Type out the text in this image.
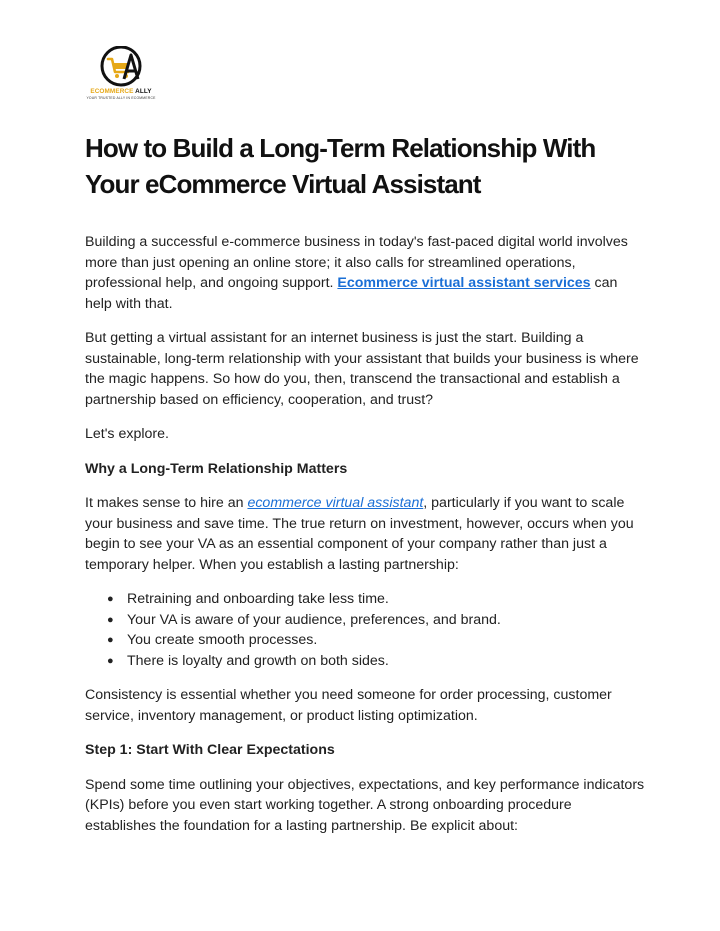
ECOMMERCE ALLY
YOUR TRUSTED ALLY IN ECOMMERCE
How to Build a Long-Term Relationship With Your eCommerce Virtual Assistant

Building a successful e-commerce business in today's fast-paced digital world involves more than just opening an online store; it also calls for streamlined operations, professional help, and ongoing support. Ecommerce virtual assistant services can help with that.

But getting a virtual assistant for an internet business is just the start. Building a sustainable, long-term relationship with your assistant that builds your business is where the magic happens. So how do you, then, transcend the transactional and establish a partnership based on efficiency, cooperation, and trust?

Let's explore.

Why a Long-Term Relationship Matters

It makes sense to hire an ecommerce virtual assistant, particularly if you want to scale your business and save time. The true return on investment, however, occurs when you begin to see your VA as an essential component of your company rather than just a temporary helper. When you establish a lasting partnership:

● Retraining and onboarding take less time.
● Your VA is aware of your audience, preferences, and brand.
● You create smooth processes.
● There is loyalty and growth on both sides.

Consistency is essential whether you need someone for order processing, customer service, inventory management, or product listing optimization.

Step 1: Start With Clear Expectations

Spend some time outlining your objectives, expectations, and key performance indicators (KPIs) before you even start working together. A strong onboarding procedure establishes the foundation for a lasting partnership. Be explicit about:
